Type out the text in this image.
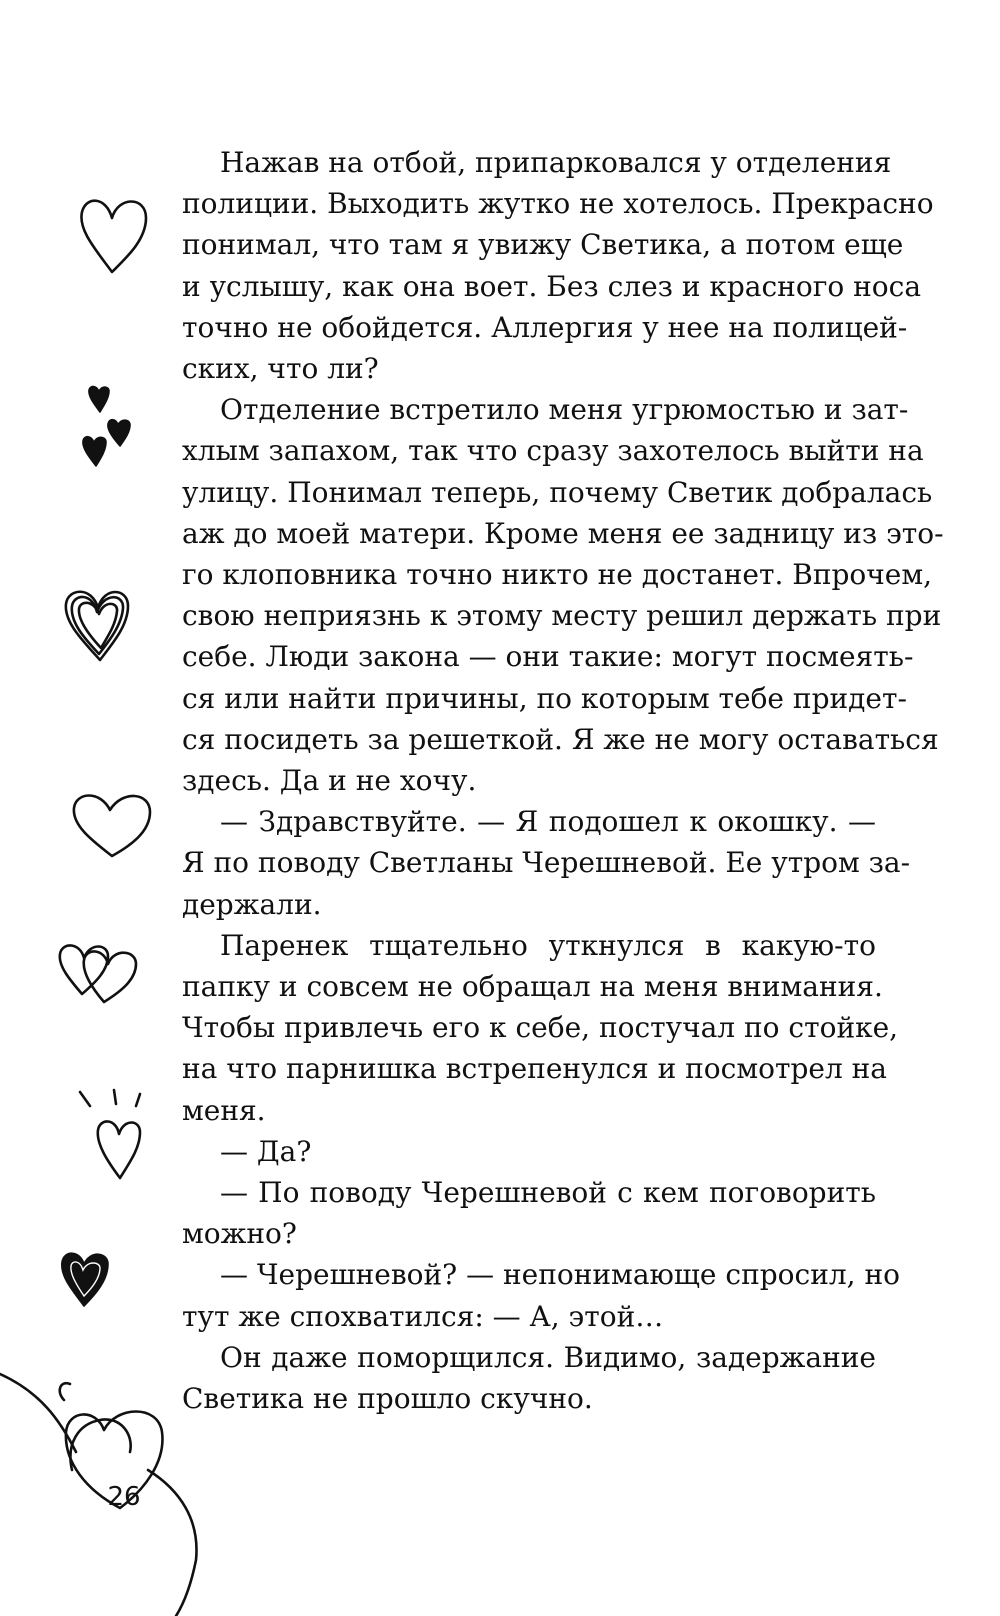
26

Нажав на отбой, припарковался у отделения
полиции. Выходить жутко не хотелось. Прекрасно
понимал, что там я увижу Светика, а потом еще
и услышу, как она воет. Без слез и красного носа
точно не обойдется. Аллергия у нее на полицей-
ских, что ли?

Отделение встретило меня угрюмостью и зат-
хлым запахом, так что сразу захотелось выйти на
улицу. Понимал теперь, почему Светик добралась
аж до моей матери. Кроме меня ее задницу из это-
го клоповника точно никто не достанет. Впрочем,
свою неприязнь к этому месту решил держать при
себе. Люди закона — они такие: могут посмеять-
ся или найти причины, по которым тебе придет-
ся посидеть за решеткой. Я же не могу оставаться
здесь. Да и не хочу.

— Здравствуйте. — Я подошел к окошку. —
Я по поводу Светланы Черешневой. Ее утром за-
держали.

Паренек тщательно уткнулся в какую-то
папку и совсем не обращал на меня внимания.
Чтобы привлечь его к себе, постучал по стойке,
на что парнишка встрепенулся и посмотрел на
меня.

— Да?

— По поводу Черешневой с кем поговорить
можно?

— Черешневой? — непонимающе спросил, но
тут же спохватился: — А, этой…

Он даже поморщился. Видимо, задержание
Светика не прошло скучно.
